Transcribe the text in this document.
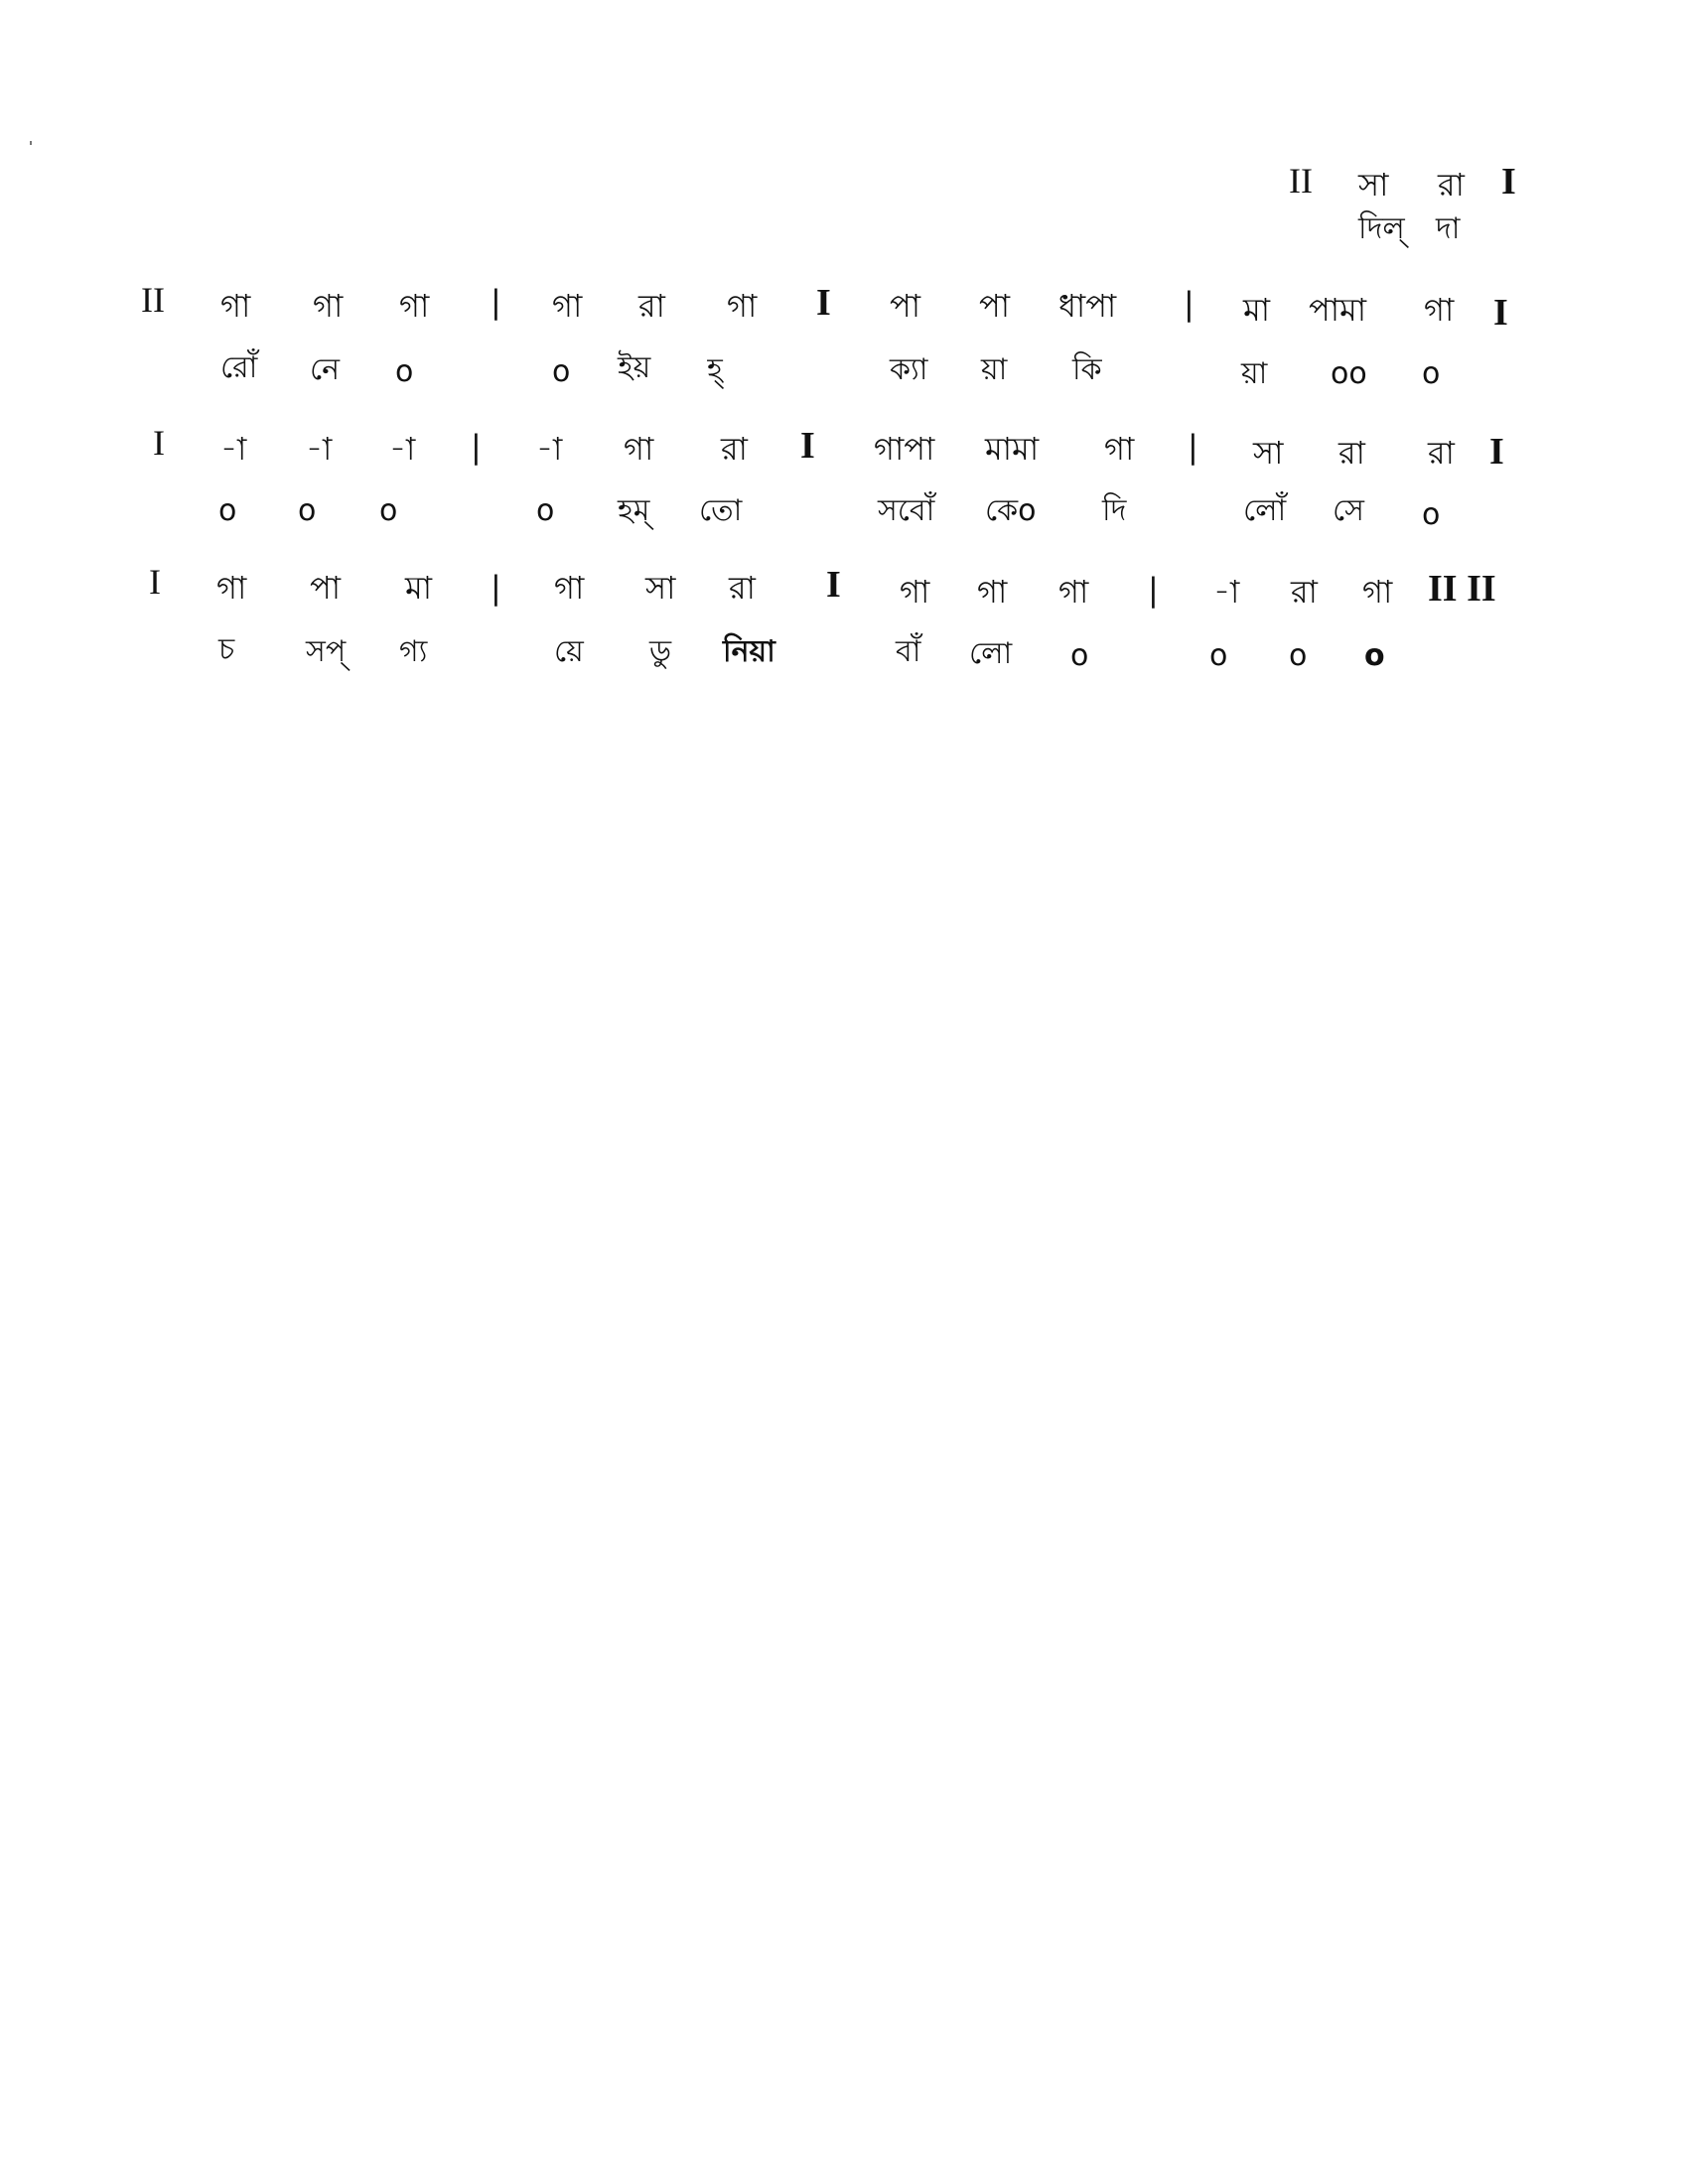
II সা রা I
দিল্ দা
II গা গা গা | গা রা গা I পা পা ধাপা | মা পামা গা I
রোঁ নে o	o ইয় হ্	ক্যা য়া কি	য়া oo o
I -া -া -া | -া গা রা I গাপা মামা গা | সা রা রা I
o o o	o হম্ তো	সবোঁ কেo দি	লোঁ সে o
I গা পা মা | গা সা রা I গা গা গা | -া রা গা II II
চ সপ্ গ্য	য়ে ডু নিয়া	বাঁ লো o	o o o
